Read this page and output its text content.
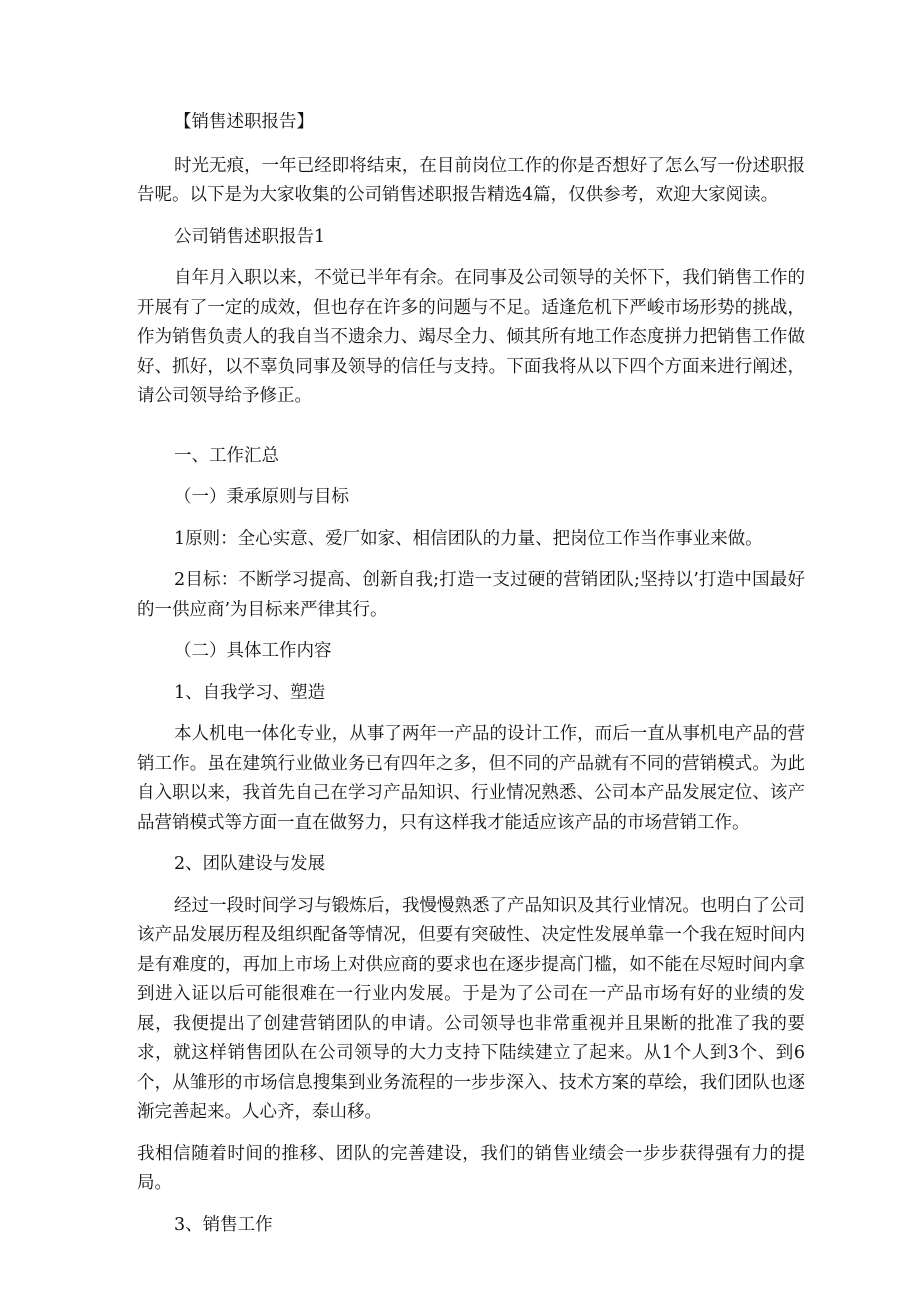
【销售述职报告】

时光无痕，一年已经即将结束，在目前岗位工作的你是否想好了怎么写一份述职报告呢。以下是为大家收集的公司销售述职报告精选4篇，仅供参考，欢迎大家阅读。

公司销售述职报告1

自年月入职以来，不觉已半年有余。在同事及公司领导的关怀下，我们销售工作的开展有了一定的成效，但也存在许多的问题与不足。适逢危机下严峻市场形势的挑战，作为销售负责人的我自当不遗余力、竭尽全力、倾其所有地工作态度拼力把销售工作做好、抓好，以不辜负同事及领导的信任与支持。下面我将从以下四个方面来进行阐述，请公司领导给予修正。

一、工作汇总

（一）秉承原则与目标

1原则：全心实意、爱厂如家、相信团队的力量、把岗位工作当作事业来做。

2目标：不断学习提高、创新自我;打造一支过硬的营销团队;坚持以’打造中国最好的一供应商’为目标来严律其行。

（二）具体工作内容

1、自我学习、塑造

本人机电一体化专业，从事了两年一产品的设计工作，而后一直从事机电产品的营销工作。虽在建筑行业做业务已有四年之多，但不同的产品就有不同的营销模式。为此自入职以来，我首先自己在学习产品知识、行业情况熟悉、公司本产品发展定位、该产品营销模式等方面一直在做努力，只有这样我才能适应该产品的市场营销工作。

2、团队建设与发展

经过一段时间学习与锻炼后，我慢慢熟悉了产品知识及其行业情况。也明白了公司该产品发展历程及组织配备等情况，但要有突破性、决定性发展单靠一个我在短时间内是有难度的，再加上市场上对供应商的要求也在逐步提高门槛，如不能在尽短时间内拿到进入证以后可能很难在一行业内发展。于是为了公司在一产品市场有好的业绩的发展，我便提出了创建营销团队的申请。公司领导也非常重视并且果断的批准了我的要求，就这样销售团队在公司领导的大力支持下陆续建立了起来。从1个人到3个、到6个，从雏形的市场信息搜集到业务流程的一步步深入、技术方案的草绘，我们团队也逐渐完善起来。人心齐，泰山移。

我相信随着时间的推移、团队的完善建设，我们的销售业绩会一步步获得强有力的提局。

3、销售工作
